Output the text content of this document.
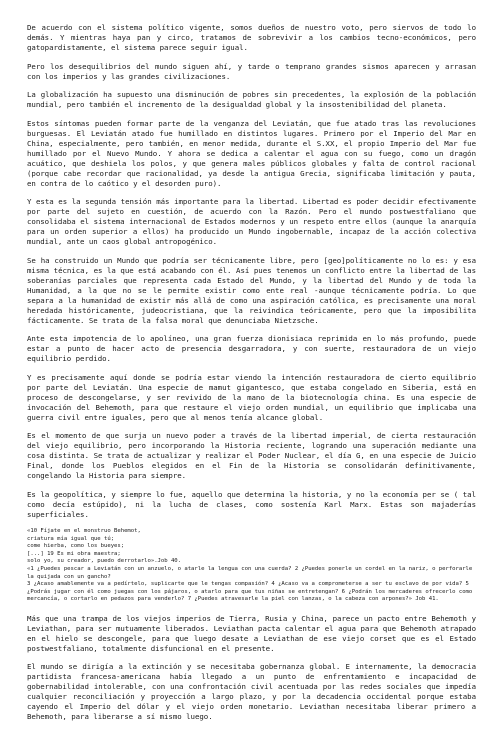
De acuerdo con el sistema político vigente, somos dueños de nuestro voto, pero siervos de todo lo demás. Y mientras haya pan y circo, tratamos de sobrevivir a los cambios tecno-económicos, pero gatopardistamente, el sistema parece seguir igual.

Pero los desequilibrios del mundo siguen ahí, y tarde o temprano grandes sismos aparecen y arrasan con los imperios y las grandes civilizaciones.

La globalización ha supuesto una disminución de pobres sin precedentes, la explosión de la población mundial, pero también el incremento de la desigualdad global y la insostenibilidad del planeta.

Estos síntomas pueden formar parte de la venganza del Leviatán, que fue atado tras las revoluciones burguesas. El Leviatán atado fue humillado en distintos lugares. Primero por el Imperio del Mar en China, especialmente, pero también, en menor medida, durante el S.XX, el propio Imperio del Mar fue humillado por el Nuevo Mundo. Y ahora se dedica a calentar el agua con su fuego, como un dragón acuático, que deshiela los polos, y que genera males públicos globales y falta de control racional (porque cabe recordar que racionalidad, ya desde la antigua Grecia, significaba limitación y pauta, en contra de lo caótico y el desorden puro).

Y esta es la segunda tensión más importante para la libertad. Libertad es poder decidir efectivamente por parte del sujeto en cuestión, de acuerdo con la Razón. Pero el mundo postwestfaliano que consolidaba el sistema internacional de Estados modernos y un respeto entre ellos (aunque la anarquía para un orden superior a ellos) ha producido un Mundo ingobernable, incapaz de la acción colectiva mundial, ante un caos global antropogénico.

Se ha construido un Mundo que podría ser técnicamente libre, pero [geo]políticamente no lo es: y esa misma técnica, es la que está acabando con él. Así pues tenemos un conflicto entre la libertad de las soberanías parciales que representa cada Estado del Mundo, y la libertad del Mundo y de toda la Humanidad, a la que no se le permite existir como ente real -aunque técnicamente podría. Lo que separa a la humanidad de existir más allá de como una aspiración católica, es precisamente una moral heredada históricamente, judeocristiana, que la reivindica teóricamente, pero que la imposibilita fácticamente. Se trata de la falsa moral que denunciaba Nietzsche.

Ante esta impotencia de lo apolíneo, una gran fuerza dionisiaca reprimida en lo más profundo, puede estar a punto de hacer acto de presencia desgarradora, y con suerte, restauradora de un viejo equilibrio perdido.

Y es precisamente aquí donde se podría estar viendo la intención restauradora de cierto equilibrio por parte del Leviatán. Una especie de mamut gigantesco, que estaba congelado en Siberia, está en proceso de descongelarse, y ser revivido de la mano de la biotecnología china. Es una especie de invocación del Behemoth, para que restaure el viejo orden mundial, un equilibrio que implicaba una guerra civil entre iguales, pero que al menos tenía alcance global.

Es el momento de que surja un nuevo poder a través de la libertad imperial, de cierta restauración del viejo equilibrio, pero incorporando la Historia reciente, logrando una superación mediante una cosa distinta. Se trata de actualizar y realizar el Poder Nuclear, el día G, en una especie de Juicio Final, donde los Pueblos elegidos en el Fin de la Historia se consolidarán definitivamente, congelando la Historia para siempre.

Es la geopolítica, y siempre lo fue, aquello que determina la historia, y no la economía per se ( tal como decía estúpido), ni la lucha de clases, como sostenía Karl Marx. Estas son majaderías superficiales.

«10 Fíjate en el monstruo Behemot,
criatura mía igual que tú;
come hierba, como los bueyes;
[...] 19 Es mi obra maestra;
solo yo, su creador, puedo derrotarlo».Job 40.
«1 ¿Puedes pescar a Leviatán con un anzuelo, o atarle la lengua con una cuerda? 2 ¿Puedes ponerle un cordel en la nariz, o perforarle la quijada con un gancho?
3 ¿Acaso amablemente va a pedírtelo, suplicarte que le tengas compasión? 4 ¿Acaso va a comprometerse a ser tu esclavo de por vida? 5 ¿Podrás jugar con él como juegas con los pájaros, o atarlo para que tus niñas se entretengan? 6 ¿Podrán los mercaderes ofrecerlo como mercancía, o cortarlo en pedazos para venderlo? 7 ¿Puedes atravesarle la piel con lanzas, o la cabeza con arpones?» Job 41.

Más que una trampa de los viejos imperios de Tierra, Rusia y China, parece un pacto entre Behemoth y Leviathan, para ser mutuamente liberados. Leviathan pacta calentar el agua para que Behemoth atrapado en el hielo se descongele, para que luego desate a Leviathan de ese viejo corset que es el Estado postwestfaliano, totalmente disfuncional en el presente.

El mundo se dirigía a la extinción y se necesitaba gobernanza global. E internamente, la democracia partidista francesa-americana había llegado a un punto de enfrentamiento e incapacidad de gobernabilidad intolerable, con una confrontación civil acentuada por las redes sociales que impedía cualquier reconciliación y proyección a largo plazo, y por la decadencia occidental porque estaba cayendo el Imperio del dólar y el viejo orden monetario. Leviathan necesitaba liberar primero a Behemoth, para liberarse a sí mismo luego.
